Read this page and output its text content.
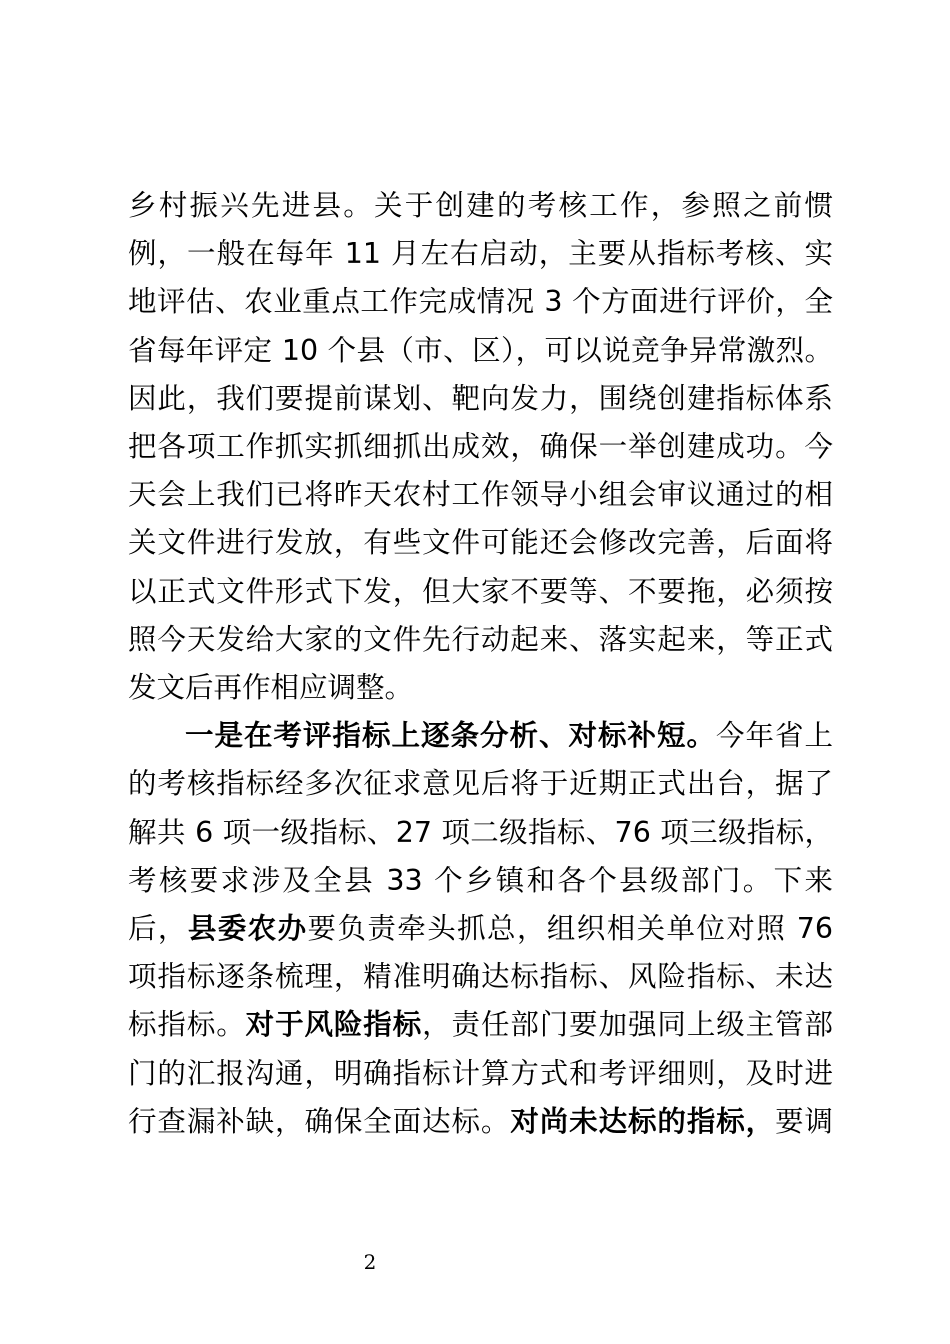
乡村振兴先进县。关于创建的考核工作，参照之前惯
例，一般在每年 11 月左右启动，主要从指标考核、实
地评估、农业重点工作完成情况 3 个方面进行评价，全
省每年评定 10 个县（市、区），可以说竞争异常激烈。
因此，我们要提前谋划、靶向发力，围绕创建指标体系
把各项工作抓实抓细抓出成效，确保一举创建成功。今
天会上我们已将昨天农村工作领导小组会审议通过的相
关文件进行发放，有些文件可能还会修改完善，后面将
以正式文件形式下发，但大家不要等、不要拖，必须按
照今天发给大家的文件先行动起来、落实起来，等正式
发文后再作相应调整。

一是在考评指标上逐条分析、对标补短。今年省上
的考核指标经多次征求意见后将于近期正式出台，据了
解共 6 项一级指标、27 项二级指标、76 项三级指标，
考核要求涉及全县 33 个乡镇和各个县级部门。下来
后，县委农办要负责牵头抓总，组织相关单位对照 76
项指标逐条梳理，精准明确达标指标、风险指标、未达
标指标。对于风险指标，责任部门要加强同上级主管部
门的汇报沟通，明确指标计算方式和考评细则，及时进
行查漏补缺，确保全面达标。对尚未达标的指标，要调

2
